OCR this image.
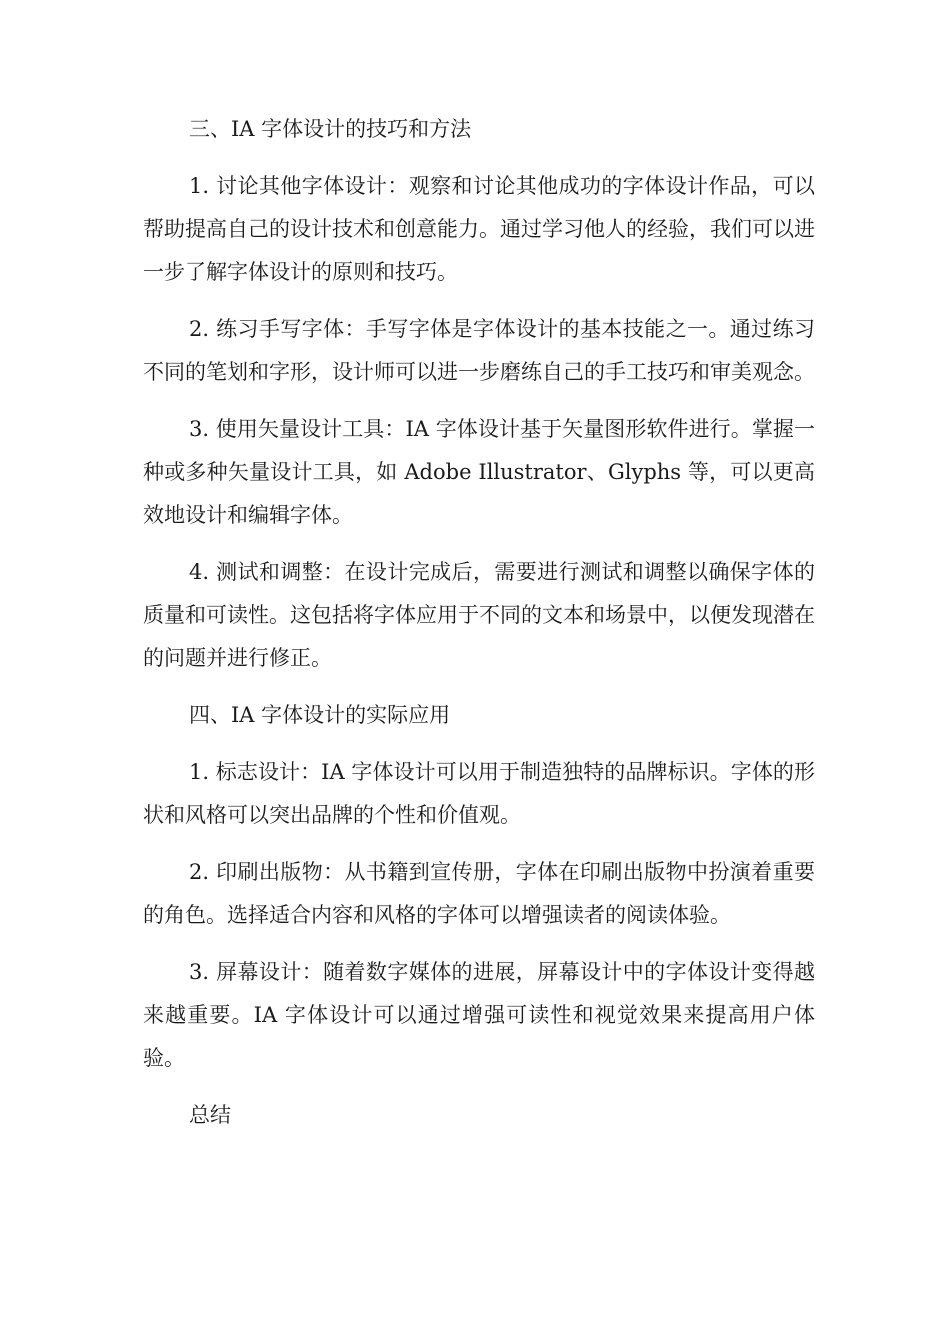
三、IA 字体设计的技巧和方法

1. 讨论其他字体设计：观察和讨论其他成功的字体设计作品，可以帮助提高自己的设计技术和创意能力。通过学习他人的经验，我们可以进一步了解字体设计的原则和技巧。

2. 练习手写字体：手写字体是字体设计的基本技能之一。通过练习不同的笔划和字形，设计师可以进一步磨练自己的手工技巧和审美观念。

3. 使用矢量设计工具：IA 字体设计基于矢量图形软件进行。掌握一种或多种矢量设计工具，如 Adobe Illustrator、Glyphs 等，可以更高效地设计和编辑字体。

4. 测试和调整：在设计完成后，需要进行测试和调整以确保字体的质量和可读性。这包括将字体应用于不同的文本和场景中，以便发现潜在的问题并进行修正。

四、IA 字体设计的实际应用

1. 标志设计：IA 字体设计可以用于制造独特的品牌标识。字体的形状和风格可以突出品牌的个性和价值观。

2. 印刷出版物：从书籍到宣传册，字体在印刷出版物中扮演着重要的角色。选择适合内容和风格的字体可以增强读者的阅读体验。

3. 屏幕设计：随着数字媒体的进展，屏幕设计中的字体设计变得越来越重要。IA 字体设计可以通过增强可读性和视觉效果来提高用户体验。

总结
